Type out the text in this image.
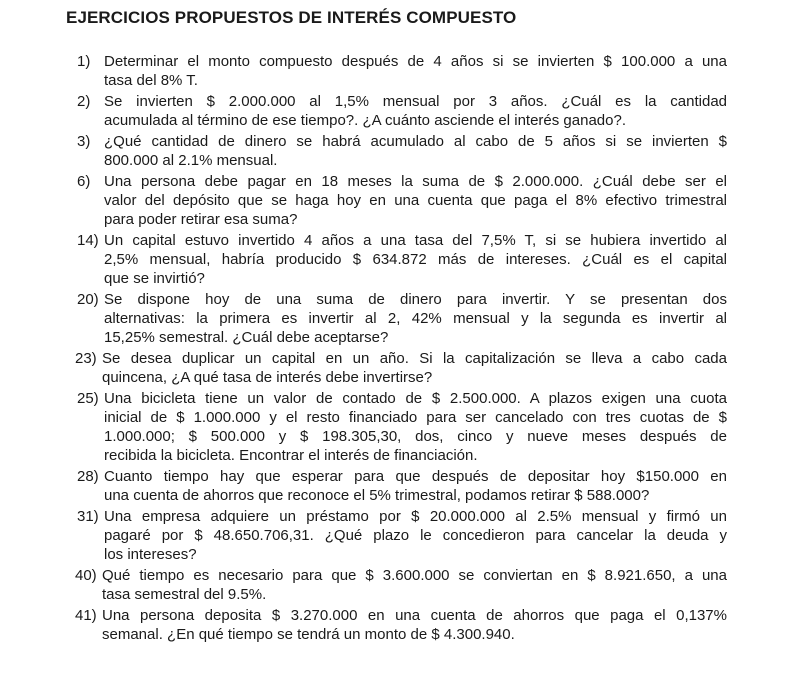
EJERCICIOS PROPUESTOS DE INTERÉS COMPUESTO
1) Determinar el monto compuesto después de 4 años si se invierten $ 100.000 a una
tasa del 8% T.
2) Se invierten $ 2.000.000 al 1,5% mensual por 3 años. ¿Cuál es la cantidad
acumulada al término de ese tiempo?. ¿A cuánto asciende el interés ganado?.
3) ¿Qué cantidad de dinero se habrá acumulado al cabo de 5 años si se invierten $
800.000 al 2.1% mensual.
6) Una persona debe pagar en 18 meses la suma de $ 2.000.000. ¿Cuál debe ser el
valor del depósito que se haga hoy en una cuenta que paga el 8% efectivo trimestral
para poder retirar esa suma?
14) Un capital estuvo invertido 4 años a una tasa del 7,5% T, si se hubiera invertido al
2,5% mensual, habría producido $ 634.872 más de intereses. ¿Cuál es el capital
que se invirtió?
20) Se dispone hoy de una suma de dinero para invertir. Y se presentan dos
alternativas: la primera es invertir al 2, 42% mensual y la segunda es invertir al
15,25% semestral. ¿Cuál debe aceptarse?
23) Se desea duplicar un capital en un año. Si la capitalización se lleva a cabo cada
quincena, ¿A qué tasa de interés debe invertirse?
25) Una bicicleta tiene un valor de contado de $ 2.500.000. A plazos exigen una cuota
inicial de $ 1.000.000 y el resto financiado para ser cancelado con tres cuotas de $
1.000.000; $ 500.000 y $ 198.305,30, dos, cinco y nueve meses después de
recibida la bicicleta. Encontrar el interés de financiación.
28) Cuanto tiempo hay que esperar para que después de depositar hoy $150.000 en
una cuenta de ahorros que reconoce el 5% trimestral, podamos retirar $ 588.000?
31) Una empresa adquiere un préstamo por $ 20.000.000 al 2.5% mensual y firmó un
pagaré por $ 48.650.706,31. ¿Qué plazo le concedieron para cancelar la deuda y
los intereses?
40) Qué tiempo es necesario para que $ 3.600.000 se conviertan en $ 8.921.650, a una
tasa semestral del 9.5%.
41) Una persona deposita $ 3.270.000 en una cuenta de ahorros que paga el 0,137%
semanal. ¿En qué tiempo se tendrá un monto de $ 4.300.940.
